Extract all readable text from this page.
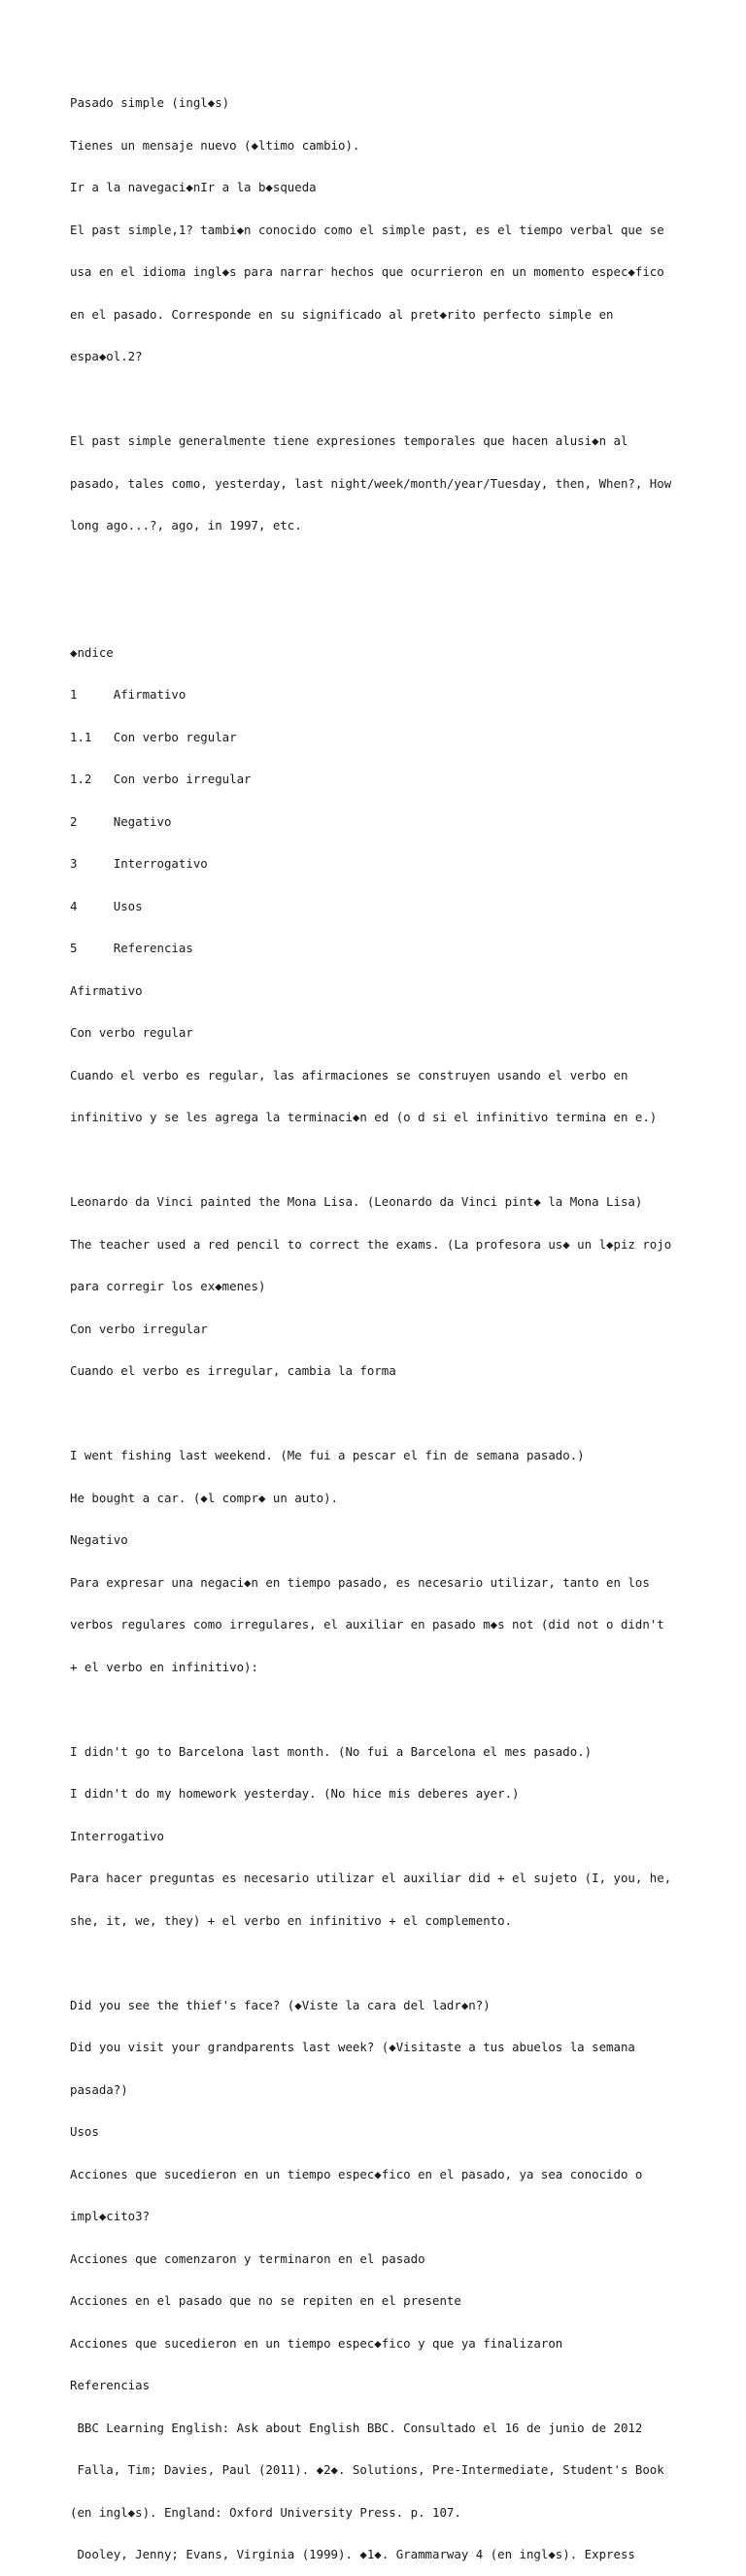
Pasado simple (ingl◆s)

Tienes un mensaje nuevo (◆ltimo cambio).

Ir a la navegaci◆nIr a la b◆squeda

El past simple,1? tambi◆n conocido como el simple past, es el tiempo verbal que se

usa en el idioma ingl◆s para narrar hechos que ocurrieron en un momento espec◆fico

en el pasado. Corresponde en su significado al pret◆rito perfecto simple en

espa◆ol.2?

El past simple generalmente tiene expresiones temporales que hacen alusi◆n al

pasado, tales como, yesterday, last night/week/month/year/Tuesday, then, When?, How

long ago...?, ago, in 1997, etc.

◆ndice

1     Afirmativo

1.1   Con verbo regular

1.2   Con verbo irregular

2     Negativo

3     Interrogativo

4     Usos

5     Referencias

Afirmativo

Con verbo regular

Cuando el verbo es regular, las afirmaciones se construyen usando el verbo en

infinitivo y se les agrega la terminaci◆n ed (o d si el infinitivo termina en e.)

Leonardo da Vinci painted the Mona Lisa. (Leonardo da Vinci pint◆ la Mona Lisa)

The teacher used a red pencil to correct the exams. (La profesora us◆ un l◆piz rojo

para corregir los ex◆menes)

Con verbo irregular

Cuando el verbo es irregular, cambia la forma

I went fishing last weekend. (Me fui a pescar el fin de semana pasado.)

He bought a car. (◆l compr◆ un auto).

Negativo

Para expresar una negaci◆n en tiempo pasado, es necesario utilizar, tanto en los

verbos regulares como irregulares, el auxiliar en pasado m◆s not (did not o didn't

+ el verbo en infinitivo):

I didn't go to Barcelona last month. (No fui a Barcelona el mes pasado.)

I didn't do my homework yesterday. (No hice mis deberes ayer.)

Interrogativo

Para hacer preguntas es necesario utilizar el auxiliar did + el sujeto (I, you, he,

she, it, we, they) + el verbo en infinitivo + el complemento.

Did you see the thief's face? (◆Viste la cara del ladr◆n?)

Did you visit your grandparents last week? (◆Visitaste a tus abuelos la semana

pasada?)

Usos

Acciones que sucedieron en un tiempo espec◆fico en el pasado, ya sea conocido o

impl◆cito3?

Acciones que comenzaron y terminaron en el pasado

Acciones en el pasado que no se repiten en el presente

Acciones que sucedieron en un tiempo espec◆fico y que ya finalizaron

Referencias

BBC Learning English: Ask about English BBC. Consultado el 16 de junio de 2012

Falla, Tim; Davies, Paul (2011). ◆2◆. Solutions, Pre-Intermediate, Student's Book

(en ingl◆s). England: Oxford University Press. p. 107.

Dooley, Jenny; Evans, Virginia (1999). ◆1◆. Grammarway 4 (en ingl◆s). Express
